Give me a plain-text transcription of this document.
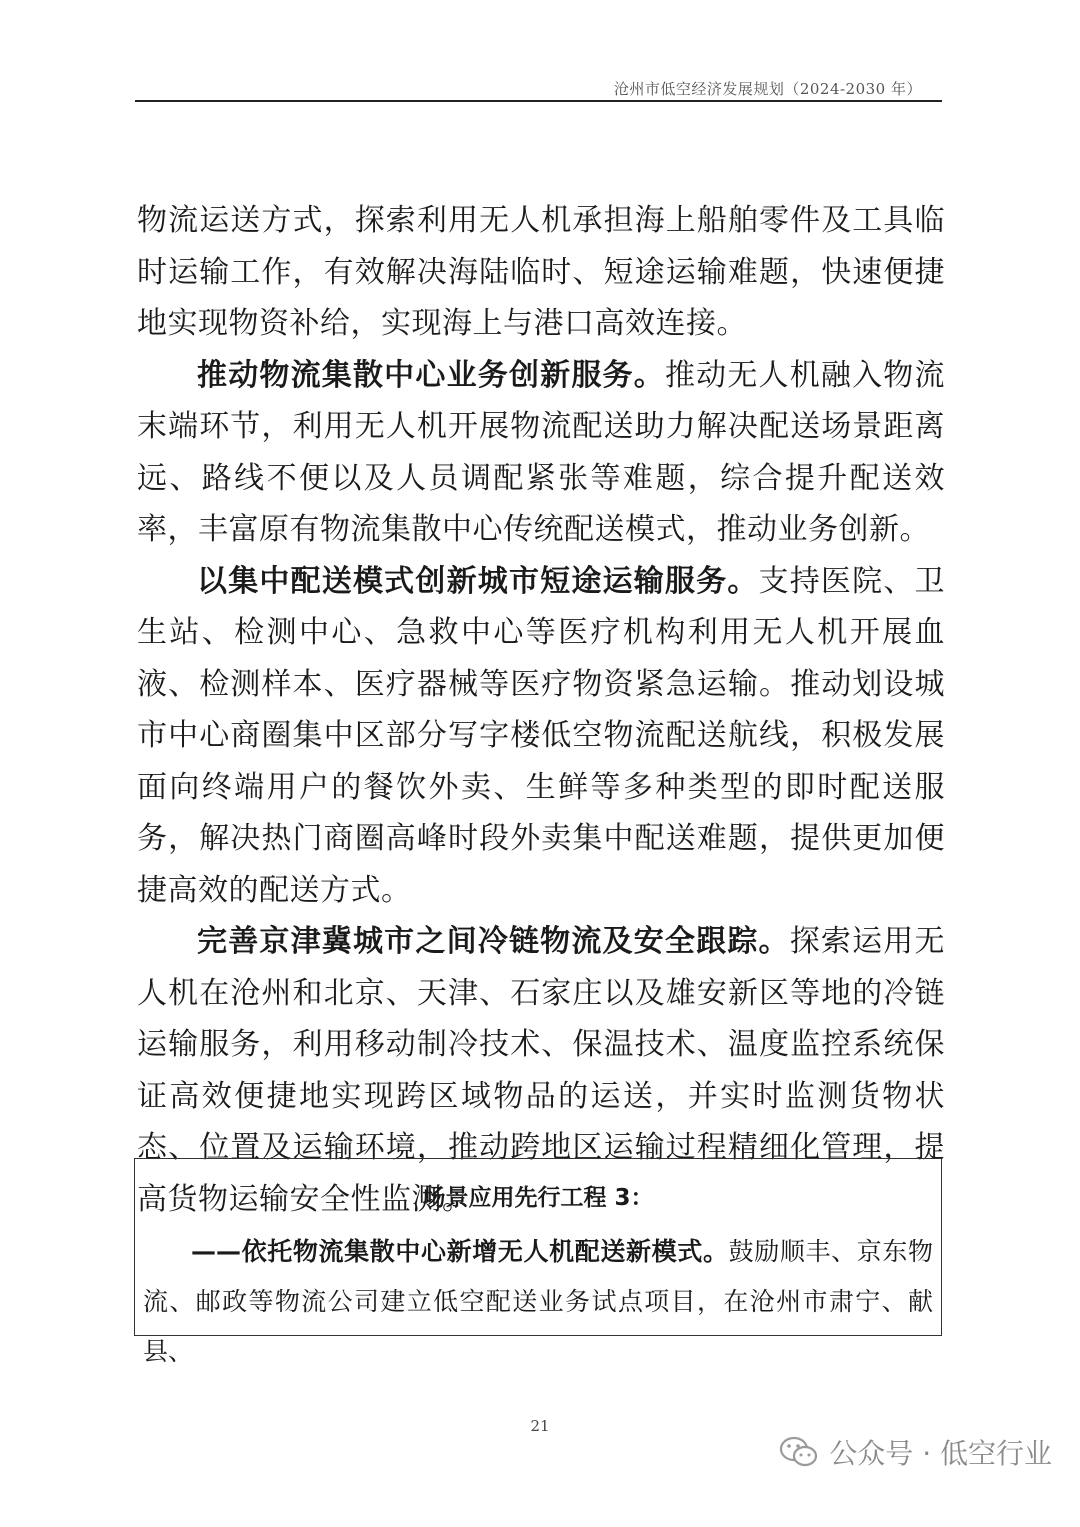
沧州市低空经济发展规划（2024-2030 年）

物流运送方式，探索利用无人机承担海上船舶零件及工具临时运输工作，有效解决海陆临时、短途运输难题，快速便捷地实现物资补给，实现海上与港口高效连接。

推动物流集散中心业务创新服务。推动无人机融入物流末端环节，利用无人机开展物流配送助力解决配送场景距离远、路线不便以及人员调配紧张等难题，综合提升配送效率，丰富原有物流集散中心传统配送模式，推动业务创新。

以集中配送模式创新城市短途运输服务。支持医院、卫生站、检测中心、急救中心等医疗机构利用无人机开展血液、检测样本、医疗器械等医疗物资紧急运输。推动划设城市中心商圈集中区部分写字楼低空物流配送航线，积极发展面向终端用户的餐饮外卖、生鲜等多种类型的即时配送服务，解决热门商圈高峰时段外卖集中配送难题，提供更加便捷高效的配送方式。

完善京津冀城市之间冷链物流及安全跟踪。探索运用无人机在沧州和北京、天津、石家庄以及雄安新区等地的冷链运输服务，利用移动制冷技术、保温技术、温度监控系统保证高效便捷地实现跨区域物品的运送，并实时监测货物状态、位置及运输环境，推动跨地区运输过程精细化管理，提高货物运输安全性监测。

场景应用先行工程 3：

——依托物流集散中心新增无人机配送新模式。鼓励顺丰、京东物流、邮政等物流公司建立低空配送业务试点项目，在沧州市肃宁、献县、

21
公众号 · 低空行业
